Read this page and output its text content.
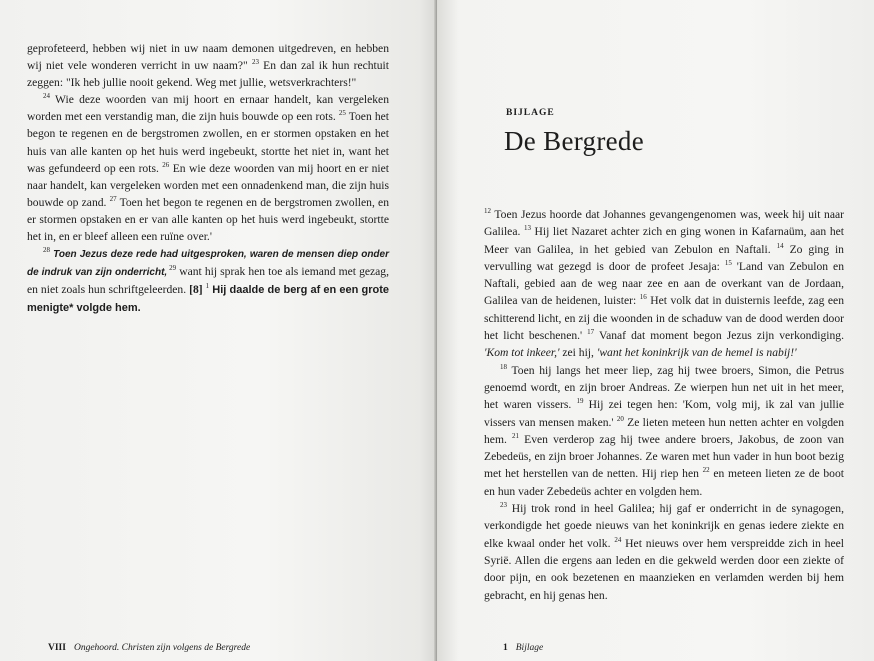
geprofeteerd, hebben wij niet in uw naam demonen uitgedreven, en hebben wij niet vele wonderen verricht in uw naam?" $^{23}$ En dan zal ik hun rechtuit zeggen: "Ik heb jullie nooit gekend. Weg met jullie, wetsverkrachters!"

$^{24}$ Wie deze woorden van mij hoort en ernaar handelt, kan vergeleken worden met een verstandig man, die zijn huis bouwde op een rots. $^{25}$ Toen het begon te regenen en de bergstromen zwollen, en er stormen opstaken en het huis van alle kanten op het huis werd ingebeukt, stortte het niet in, want het was gefundeerd op een rots. $^{26}$ En wie deze woorden van mij hoort en er niet naar handelt, kan vergeleken worden met een onnadenkend man, die zijn huis bouwde op zand. $^{27}$ Toen het begon te regenen en de bergstromen zwollen, en er stormen opstaken en er van alle kanten op het huis werd ingebeukt, stortte het in, en er bleef alleen een ruïne over.'

$^{28}$ Toen Jezus deze rede had uitgesproken, waren de mensen diep onder de indruk van zijn onderricht, $^{29}$ want hij sprak hen toe als iemand met gezag, en niet zoals hun schriftgeleerden. [8] $^1$ Hij daalde de berg af en een grote menigte* volgde hem.

VIII Ongehoord. Christen zijn volgens de Bergrede
BIJLAGE
De Bergrede

$^{12}$ Toen Jezus hoorde dat Johannes gevangengenomen was, week hij uit naar Galilea. $^{13}$ Hij liet Nazaret achter zich en ging wonen in Kafarnaüm, aan het Meer van Galilea, in het gebied van Zebulon en Naftali. $^{14}$ Zo ging in vervulling wat gezegd is door de profeet Jesaja: $^{15}$ 'Land van Zebulon en Naftali, gebied aan de weg naar zee en aan de overkant van de Jordaan, Galilea van de heidenen, luister: $^{16}$ Het volk dat in duisternis leefde, zag een schitterend licht, en zij die woonden in de schaduw van de dood werden door het licht beschenen.' $^{17}$ Vanaf dat moment begon Jezus zijn verkondiging. 'Kom tot inkeer,' zei hij, 'want het koninkrijk van de hemel is nabij!'

$^{18}$ Toen hij langs het meer liep, zag hij twee broers, Simon, die Petrus genoemd wordt, en zijn broer Andreas. Ze wierpen hun net uit in het meer, het waren vissers. $^{19}$ Hij zei tegen hen: 'Kom, volg mij, ik zal van jullie vissers van mensen maken.' $^{20}$ Ze lieten meteen hun netten achter en volgden hem. $^{21}$ Even verderop zag hij twee andere broers, Jakobus, de zoon van Zebedeüs, en zijn broer Johannes. Ze waren met hun vader in hun boot bezig met het herstellen van de netten. Hij riep hen $^{22}$ en meteen lieten ze de boot en hun vader Zebedeüs achter en volgden hem.

$^{23}$ Hij trok rond in heel Galilea; hij gaf er onderricht in de synagogen, verkondigde het goede nieuws van het koninkrijk en genas iedere ziekte en elke kwaal onder het volk. $^{24}$ Het nieuws over hem verspreidde zich in heel Syrië. Allen die ergens aan leden en die gekweld werden door een ziekte of door pijn, en ook bezetenen en maanzieken en verlamden werden bij hem gebracht, en hij genas hen.

1 Bijlage
